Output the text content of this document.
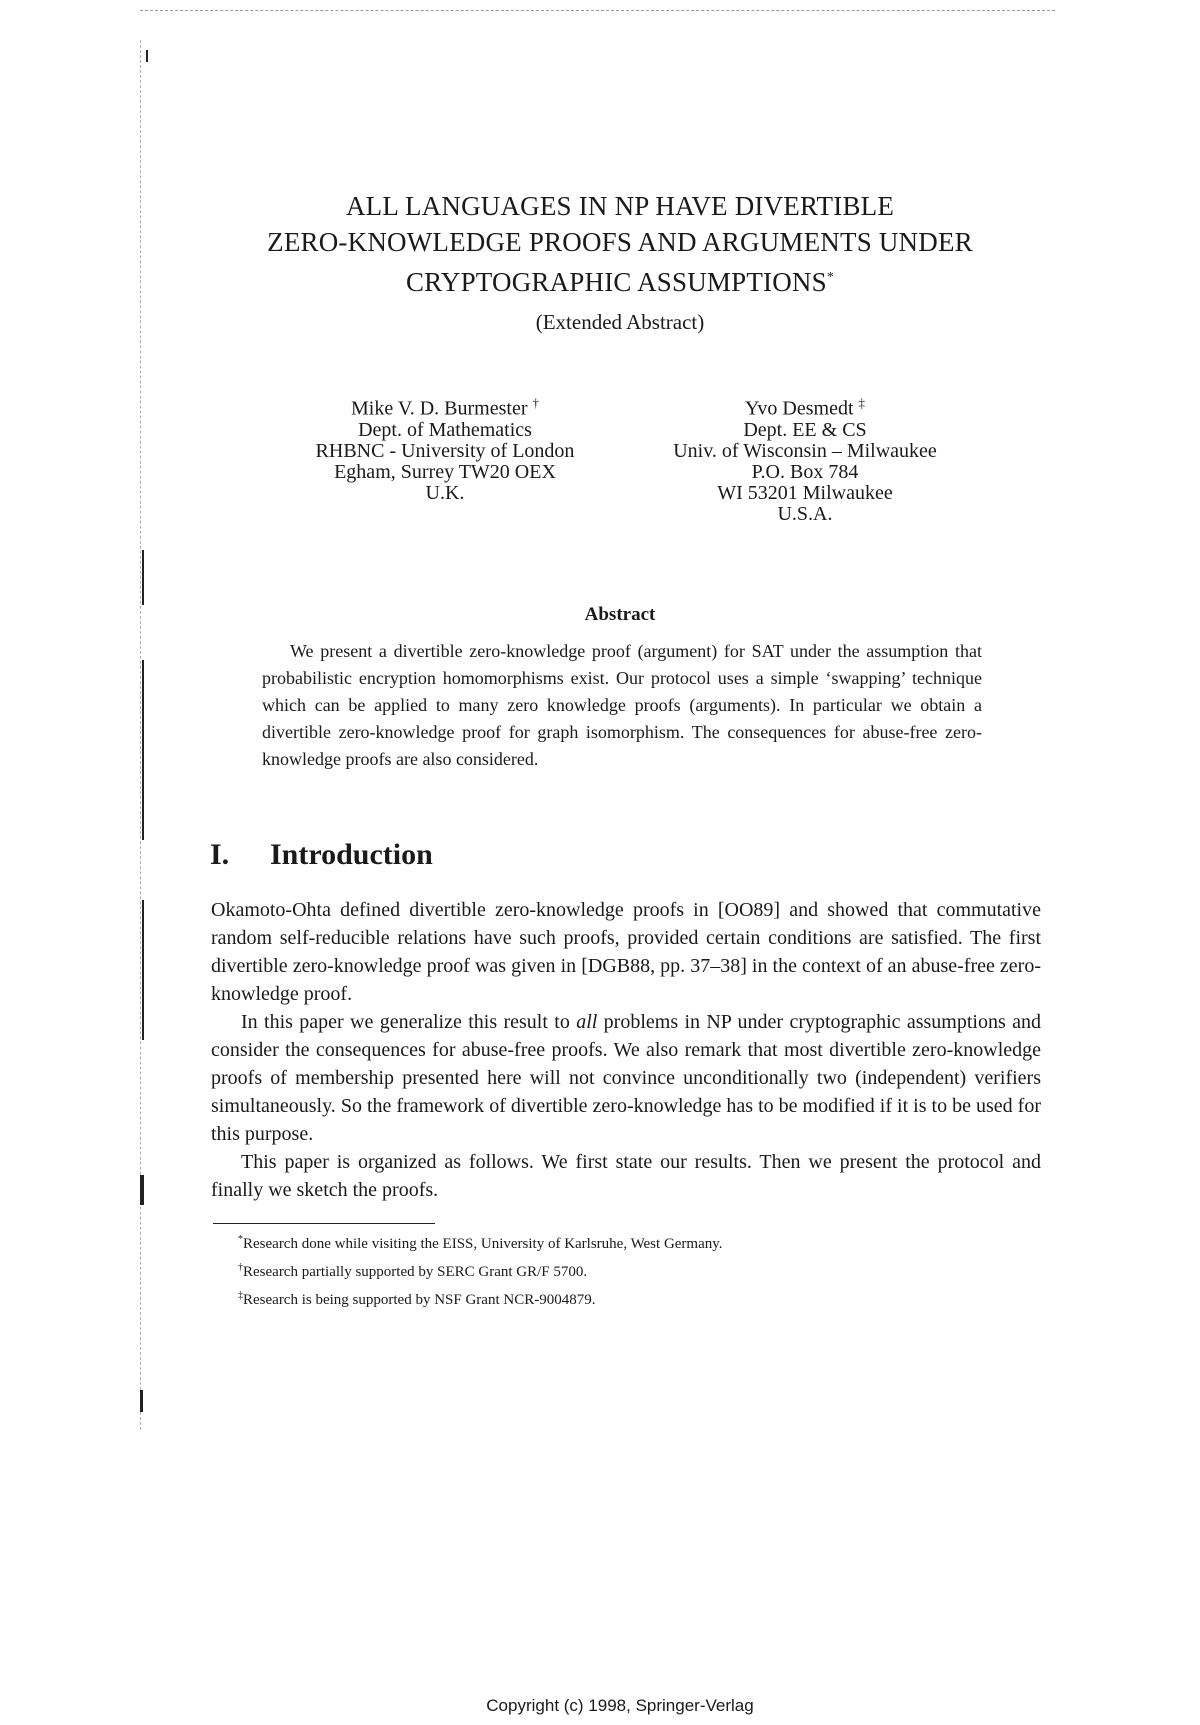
ALL LANGUAGES IN NP HAVE DIVERTIBLE
ZERO-KNOWLEDGE PROOFS AND ARGUMENTS UNDER
CRYPTOGRAPHIC ASSUMPTIONS*
(Extended Abstract)
Mike V. D. Burmester †
Dept. of Mathematics
RHBNC - University of London
Egham, Surrey TW20 OEX
U.K.
Yvo Desmedt ‡
Dept. EE & CS
Univ. of Wisconsin – Milwaukee
P.O. Box 784
WI 53201 Milwaukee
U.S.A.
Abstract
We present a divertible zero-knowledge proof (argument) for SAT under the assumption that probabilistic encryption homomorphisms exist. Our protocol uses a simple ‘swapping’ technique which can be applied to many zero knowledge proofs (arguments). In particular we obtain a divertible zero-knowledge proof for graph isomorphism. The consequences for abuse-free zero-knowledge proofs are also considered.
I. Introduction

Okamoto-Ohta defined divertible zero-knowledge proofs in [OO89] and showed that commutative random self-reducible relations have such proofs, provided certain conditions are satisfied. The first divertible zero-knowledge proof was given in [DGB88, pp. 37–38] in the context of an abuse-free zero-knowledge proof.

In this paper we generalize this result to all problems in NP under cryptographic assumptions and consider the consequences for abuse-free proofs. We also remark that most divertible zero-knowledge proofs of membership presented here will not convince unconditionally two (independent) verifiers simultaneously. So the framework of divertible zero-knowledge has to be modified if it is to be used for this purpose.

This paper is organized as follows. We first state our results. Then we present the protocol and finally we sketch the proofs.

*Research done while visiting the EISS, University of Karlsruhe, West Germany.
†Research partially supported by SERC Grant GR/F 5700.
‡Research is being supported by NSF Grant NCR-9004879.
Copyright (c) 1998, Springer-Verlag
